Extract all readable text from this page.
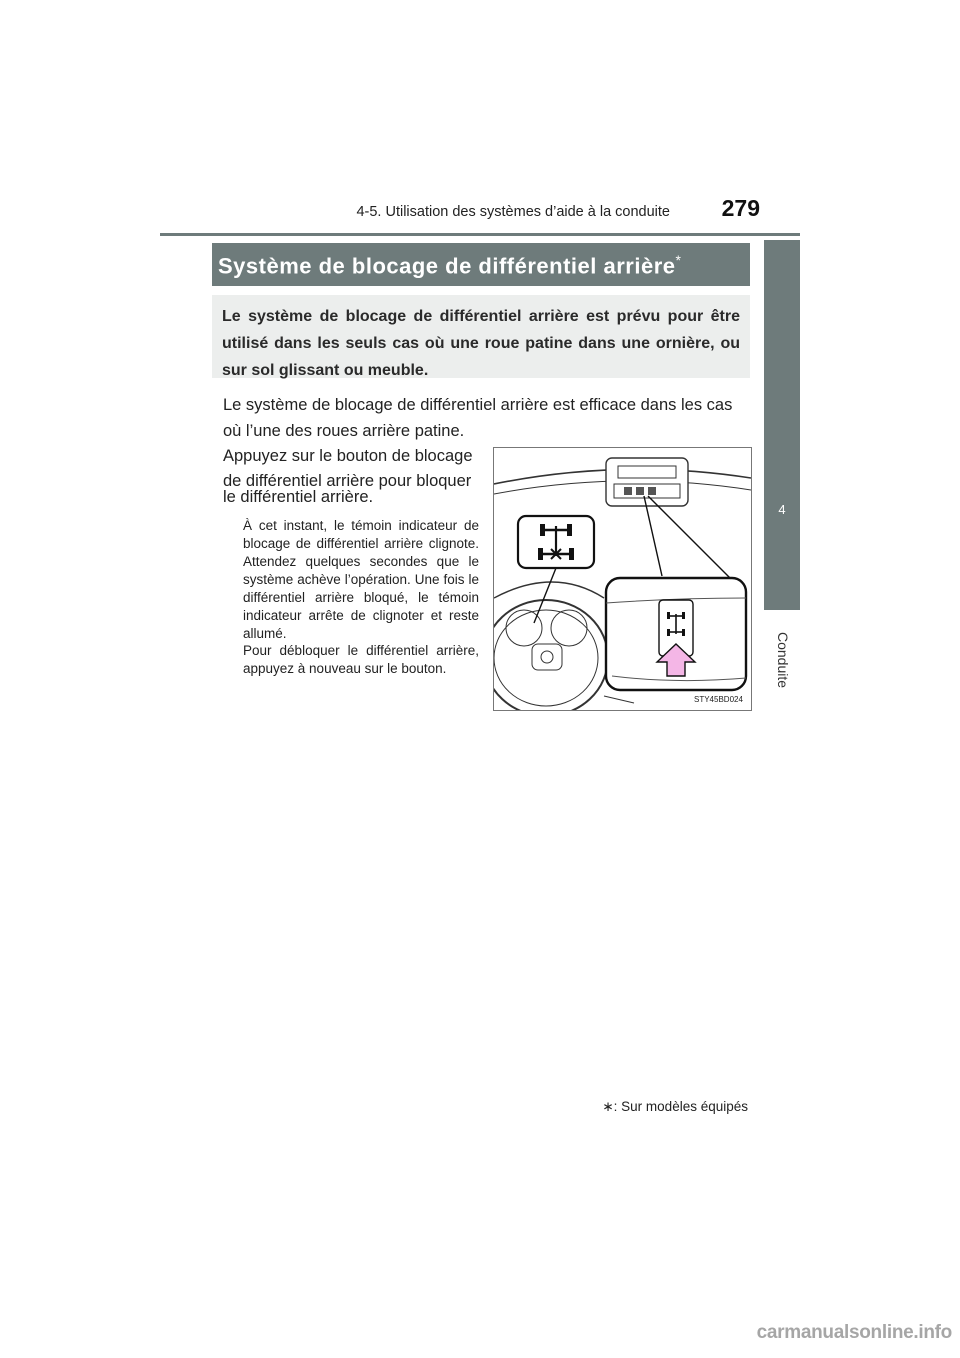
4-5. Utilisation des systèmes d’aide à la conduite	279
4
Conduite
Système de blocage de différentiel arrière*
Le système de blocage de différentiel arrière est prévu pour être utilisé dans les seuls cas où une roue patine dans une ornière, ou sur sol glissant ou meuble.
Le système de blocage de différentiel arrière est efficace dans les cas
où l’une des roues arrière patine.
Appuyez sur le bouton de blocage
de différentiel arrière pour bloquer
le différentiel arrière.
À cet instant, le témoin indicateur de blocage de différentiel arrière clignote. Attendez quelques secondes que le système achève l’opération. Une fois le différentiel arrière bloqué, le témoin indicateur arrête de clignoter et reste allumé.
Pour débloquer le différentiel arrière, appuyez à nouveau sur le bouton.
STY45BD024
∗: Sur modèles équipés
carmanualsonline.info
